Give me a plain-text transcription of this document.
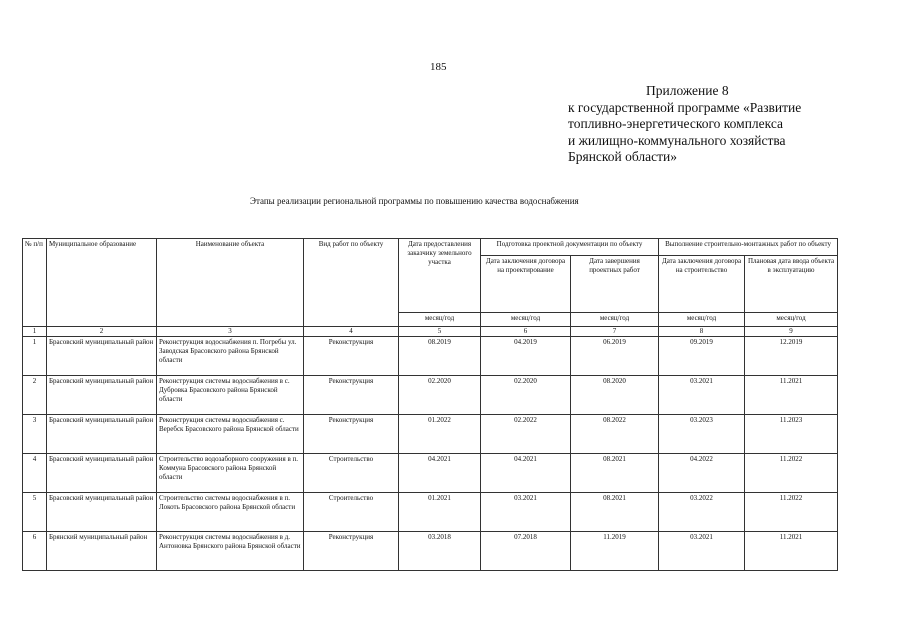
185
Приложение 8
к государственной программе «Развитие
топливно-энергетического комплекса
и жилищно-коммунального хозяйства
Брянской области»
Этапы реализации региональной программы по повышению качества водоснабжения
№ п/п	Муниципальное образование	Наименование объекта	Вид работ по объекту	Дата предоставления заказчику земельного участка	Подготовка проектной документации по объекту		Выполнение строительно-монтажных работ по объекту	
					Дата заключения договора на проектирование	Дата завершения проектных работ	Дата заключения договора на строительство	Плановая дата ввода объекта в эксплуатацию
				месяц/год	месяц/год	месяц/год	месяц/год	месяц/год
1	2	3	4	5	6	7	8	9
1	Брасовский муниципальный район	Реконструкция водоснабжения п. Погребы ул. Заводская Брасовского района Брянской области	Реконструкция	08.2019	04.2019	06.2019	09.2019	12.2019
2	Брасовский муниципальный район	Реконструкция системы водоснабжения в с. Дубровка Брасовского района Брянской области	Реконструкция	02.2020	02.2020	08.2020	03.2021	11.2021
3	Брасовский муниципальный район	Реконструкция системы водоснабжения с. Веребск Брасовского района Брянской области	Реконструкция	01.2022	02.2022	08.2022	03.2023	11.2023
4	Брасовский муниципальный район	Строительство водозаборного сооружения в п. Коммуна Брасовского района Брянской области	Строительство	04.2021	04.2021	08.2021	04.2022	11.2022
5	Брасовский муниципальный район	Строительство системы водоснабжения в п. Локоть Брасовского района Брянской области	Строительство	01.2021	03.2021	08.2021	03.2022	11.2022
6	Брянский муниципальный район	Реконструкция системы водоснабжения в д. Антоновка Брянского района Брянской области	Реконструкция	03.2018	07.2018	11.2019	03.2021	11.2021
